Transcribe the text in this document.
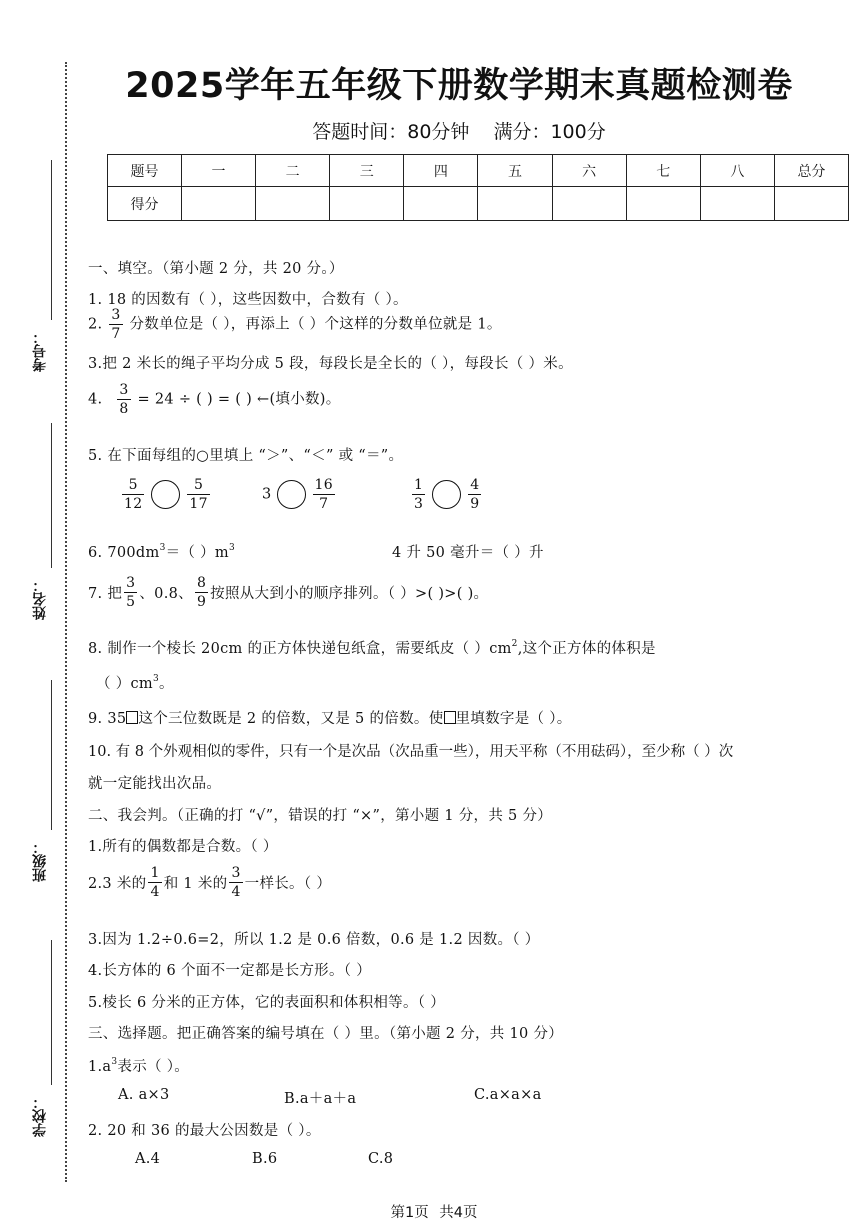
考号：
姓名：
班级：
学校：
2025学年五年级下册数学期末真题检测卷
答题时间：80分钟 满分：100分
题号	一	二	三	四	五	六	七	八	总分
得分									
一、填空。（第小题 2 分，共 20 分。）
1. 18 的因数有（ ），这些因数中，合数有（ ）。
2. $\frac{3}{7}$ 分数单位是（ ），再添上（ ）个这样的分数单位就是 1。
3.把 2 米长的绳子平均分成 5 段，每段长是全长的（ ），每段长（ ）米。
4. $\frac{3}{8} = 24$ ÷ ( ) = ( ) ←(填小数)。
5. 在下面每组的○里填上 “＞”、“＜” 或 “＝”。
$\frac{5}{12}$	$\frac{5}{17}$	3	$\frac{16}{7}$	$\frac{1}{3}$	$\frac{4}{9}$
6. $700dm^3=$（ ）$m^3$	4 升 50 毫升＝（ ）升
7. 把 $\frac{3}{5}$ 、0.8、 $\frac{8}{9}$ 按照从大到小的顺序排列。（ ）>( )>( )。
8. 制作一个棱长 20cm 的正方体快递包纸盒，需要纸皮（ ）$cm^2$,这个正方体的体积是
（ ）$cm^3$。
9. 35 这个三位数既是 2 的倍数，又是 5 的倍数。使 里填数字是（ ）。
10. 有 8 个外观相似的零件，只有一个是次品（次品重一些），用天平称（不用砝码），至少称（ ）次
就一定能找出次品。
二、我会判。（正确的打 “√”，错误的打 “×”，第小题 1 分，共 5 分）
1.所有的偶数都是合数。（ ）
2.3 米的 $\frac{1}{4}$ 和 1 米的 $\frac{3}{4}$ 一样长。（ ）
3.因为 1.2÷0.6=2，所以 1.2 是 0.6 倍数，0.6 是 1.2 因数。（ ）
4.长方体的 6 个面不一定都是长方形。（ ）
5.棱长 6 分米的正方体，它的表面积和体积相等。（ ）
三、选择题。把正确答案的编号填在（ ）里。（第小题 2 分，共 10 分）
$1.a^3$表示（ ）。
A. a×3	B.a＋a＋a	C.a×a×a
2. 20 和 36 的最大公因数是（ ）。
A.4	B.6	C.8
第1页 共4页
